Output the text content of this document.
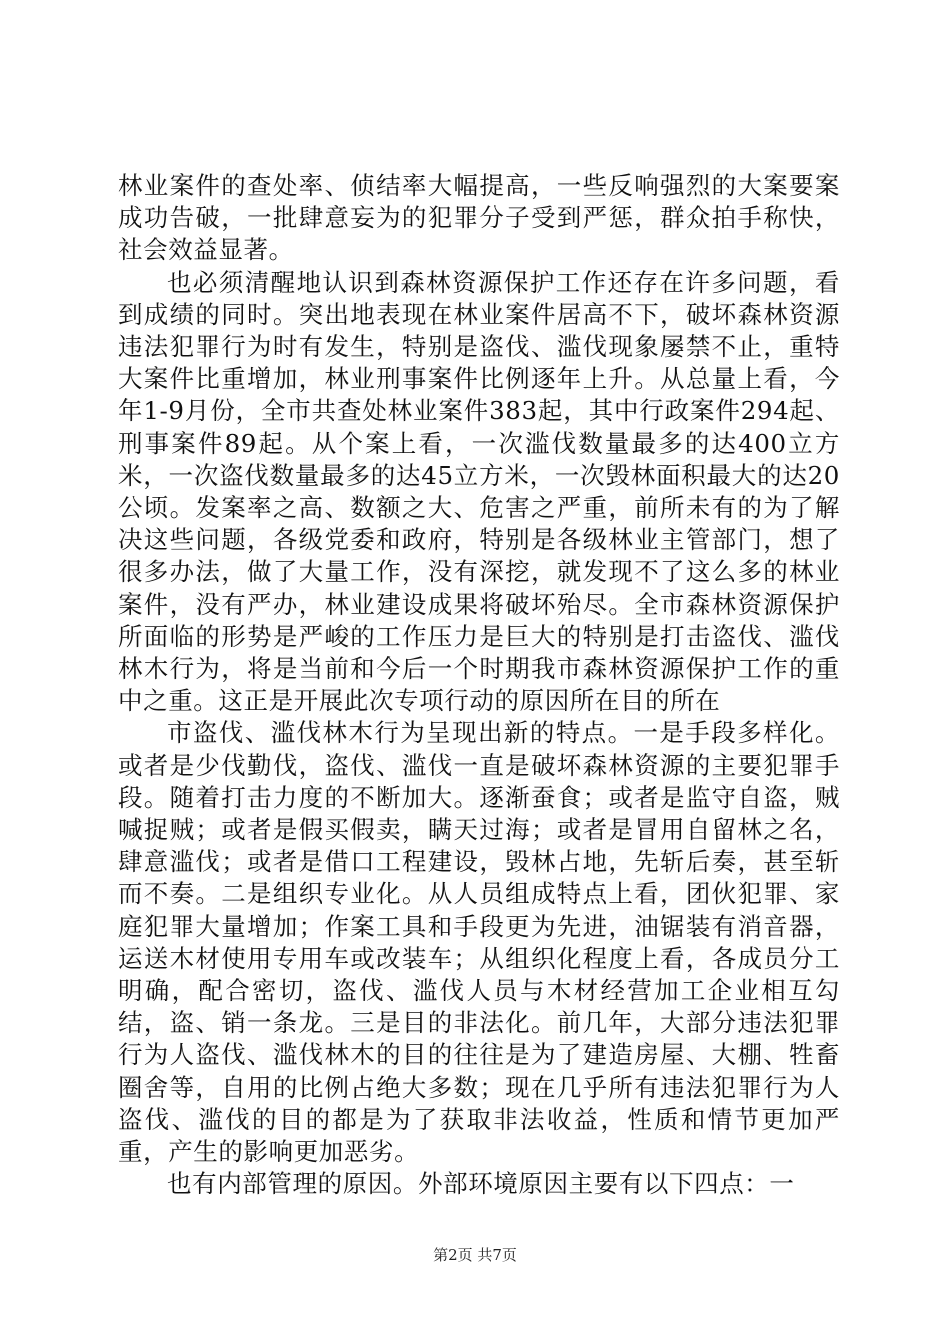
林业案件的查处率、侦结率大幅提高，一些反响强烈的大案要案成功告破，一批肆意妄为的犯罪分子受到严惩，群众拍手称快，社会效益显著。

也必须清醒地认识到森林资源保护工作还存在许多问题，看到成绩的同时。突出地表现在林业案件居高不下，破坏森林资源违法犯罪行为时有发生，特别是盗伐、滥伐现象屡禁不止，重特大案件比重增加，林业刑事案件比例逐年上升。从总量上看，今年1-9月份，全市共查处林业案件383起，其中行政案件294起、刑事案件89起。从个案上看，一次滥伐数量最多的达400立方米，一次盗伐数量最多的达45立方米，一次毁林面积最大的达20公顷。发案率之高、数额之大、危害之严重，前所未有的为了解决这些问题，各级党委和政府，特别是各级林业主管部门，想了很多办法，做了大量工作，没有深挖，就发现不了这么多的林业案件，没有严办，林业建设成果将破坏殆尽。全市森林资源保护所面临的形势是严峻的工作压力是巨大的特别是打击盗伐、滥伐林木行为，将是当前和今后一个时期我市森林资源保护工作的重中之重。这正是开展此次专项行动的原因所在目的所在

市盗伐、滥伐林木行为呈现出新的特点。一是手段多样化。或者是少伐勤伐，盗伐、滥伐一直是破坏森林资源的主要犯罪手段。随着打击力度的不断加大。逐渐蚕食；或者是监守自盗，贼喊捉贼；或者是假买假卖，瞒天过海；或者是冒用自留林之名，肆意滥伐；或者是借口工程建设，毁林占地，先斩后奏，甚至斩而不奏。二是组织专业化。从人员组成特点上看，团伙犯罪、家庭犯罪大量增加；作案工具和手段更为先进，油锯装有消音器，运送木材使用专用车或改装车；从组织化程度上看，各成员分工明确，配合密切，盗伐、滥伐人员与木材经营加工企业相互勾结，盗、销一条龙。三是目的非法化。前几年，大部分违法犯罪行为人盗伐、滥伐林木的目的往往是为了建造房屋、大棚、牲畜圈舍等，自用的比例占绝大多数；现在几乎所有违法犯罪行为人盗伐、滥伐的目的都是为了获取非法收益，性质和情节更加严重，产生的影响更加恶劣。

也有内部管理的原因。外部环境原因主要有以下四点：一

第2页 共7页
